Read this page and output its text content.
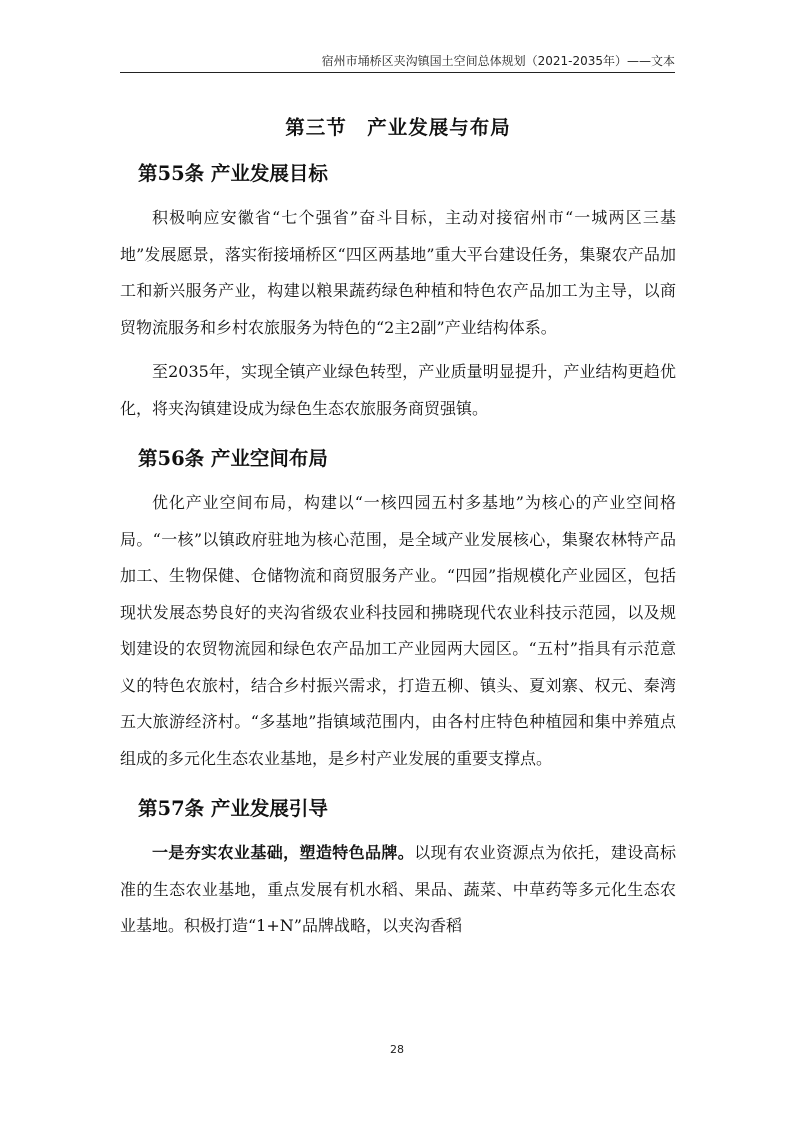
宿州市埇桥区夹沟镇国土空间总体规划（2021-2035年）——文本
第三节　产业发展与布局
第55条 产业发展目标

积极响应安徽省“七个强省”奋斗目标，主动对接宿州市“一城两区三基地”发展愿景，落实衔接埇桥区“四区两基地”重大平台建设任务，集聚农产品加工和新兴服务产业，构建以粮果蔬药绿色种植和特色农产品加工为主导，以商贸物流服务和乡村农旅服务为特色的“2主2副”产业结构体系。

至2035年，实现全镇产业绿色转型，产业质量明显提升，产业结构更趋优化，将夹沟镇建设成为绿色生态农旅服务商贸强镇。

第56条 产业空间布局

优化产业空间布局，构建以“一核四园五村多基地”为核心的产业空间格局。“一核”以镇政府驻地为核心范围，是全域产业发展核心，集聚农林特产品加工、生物保健、仓储物流和商贸服务产业。“四园”指规模化产业园区，包括现状发展态势良好的夹沟省级农业科技园和拂晓现代农业科技示范园，以及规划建设的农贸物流园和绿色农产品加工产业园两大园区。“五村”指具有示范意义的特色农旅村，结合乡村振兴需求，打造五柳、镇头、夏刘寨、权元、秦湾五大旅游经济村。“多基地”指镇域范围内，由各村庄特色种植园和集中养殖点组成的多元化生态农业基地，是乡村产业发展的重要支撑点。

第57条 产业发展引导

一是夯实农业基础，塑造特色品牌。以现有农业资源点为依托，建设高标准的生态农业基地，重点发展有机水稻、果品、蔬菜、中草药等多元化生态农业基地。积极打造“1+N”品牌战略，以夹沟香稻

28
